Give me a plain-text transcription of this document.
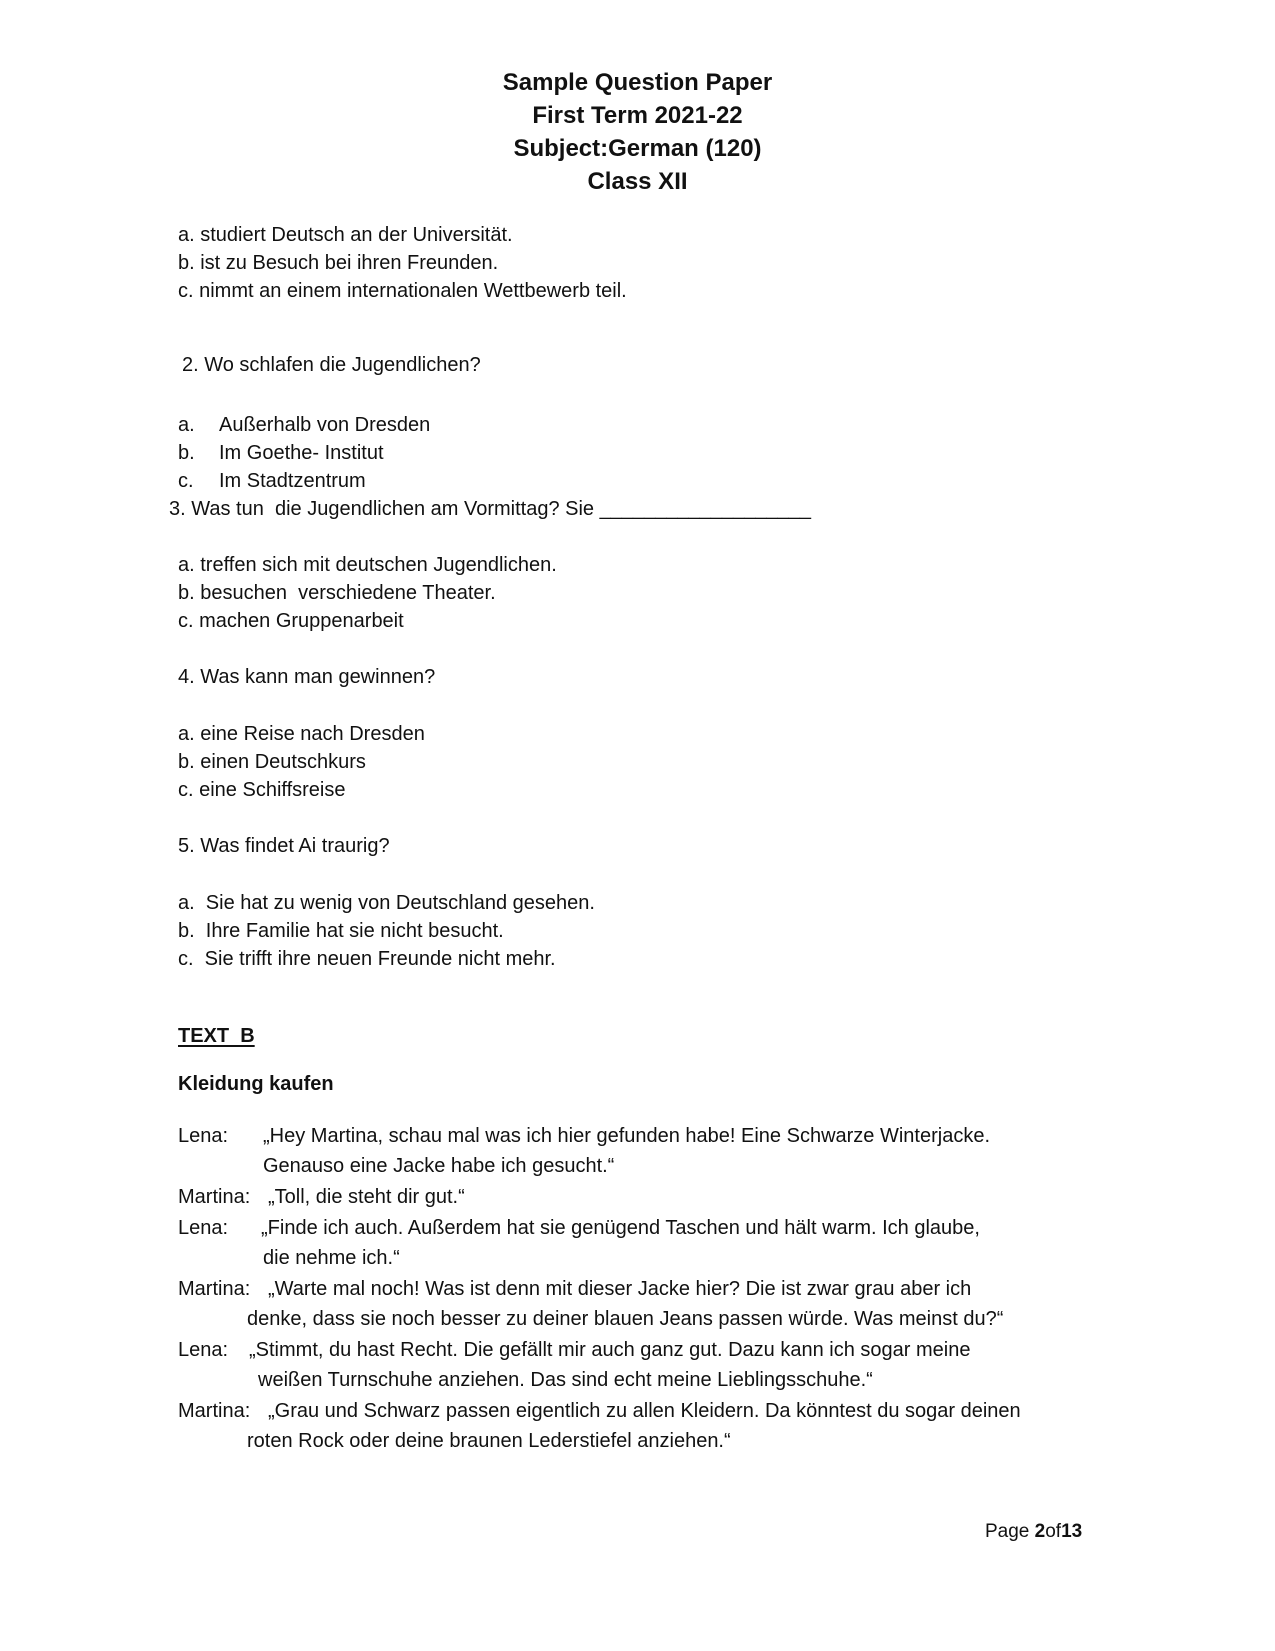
Sample Question Paper
First Term 2021-22
Subject:German (120)
Class XII
a. studiert Deutsch an der Universität.
b. ist zu Besuch bei ihren Freunden.
c. nimmt an einem internationalen Wettbewerb teil.
2. Wo schlafen die Jugendlichen?
a. Außerhalb von Dresden
b. Im Goethe- Institut
c. Im Stadtzentrum
3. Was tun  die Jugendlichen am Vormittag? Sie ___________________
a. treffen sich mit deutschen Jugendlichen.
b. besuchen  verschiedene Theater.
c. machen Gruppenarbeit
4. Was kann man gewinnen?
a. eine Reise nach Dresden
b. einen Deutschkurs
c. eine Schiffsreise
5. Was findet Ai traurig?
a.  Sie hat zu wenig von Deutschland gesehen.
b.  Ihre Familie hat sie nicht besucht.
c.  Sie trifft ihre neuen Freunde nicht mehr.
TEXT  B
Kleidung kaufen
Lena: „Hey Martina, schau mal was ich hier gefunden habe! Eine Schwarze Winterjacke.
Genauso eine Jacke habe ich gesucht.“
Martina: „Toll, die steht dir gut.“
Lena: „Finde ich auch. Außerdem hat sie genügend Taschen und hält warm. Ich glaube,
die nehme ich.“
Martina: „Warte mal noch! Was ist denn mit dieser Jacke hier? Die ist zwar grau aber ich
denke, dass sie noch besser zu deiner blauen Jeans passen würde. Was meinst du?“
Lena: „Stimmt, du hast Recht. Die gefällt mir auch ganz gut. Dazu kann ich sogar meine
weißen Turnschuhe anziehen. Das sind echt meine Lieblingsschuhe.“
Martina: „Grau und Schwarz passen eigentlich zu allen Kleidern. Da könntest du sogar deinen
roten Rock oder deine braunen Lederstiefel anziehen.“
Page 2of13
